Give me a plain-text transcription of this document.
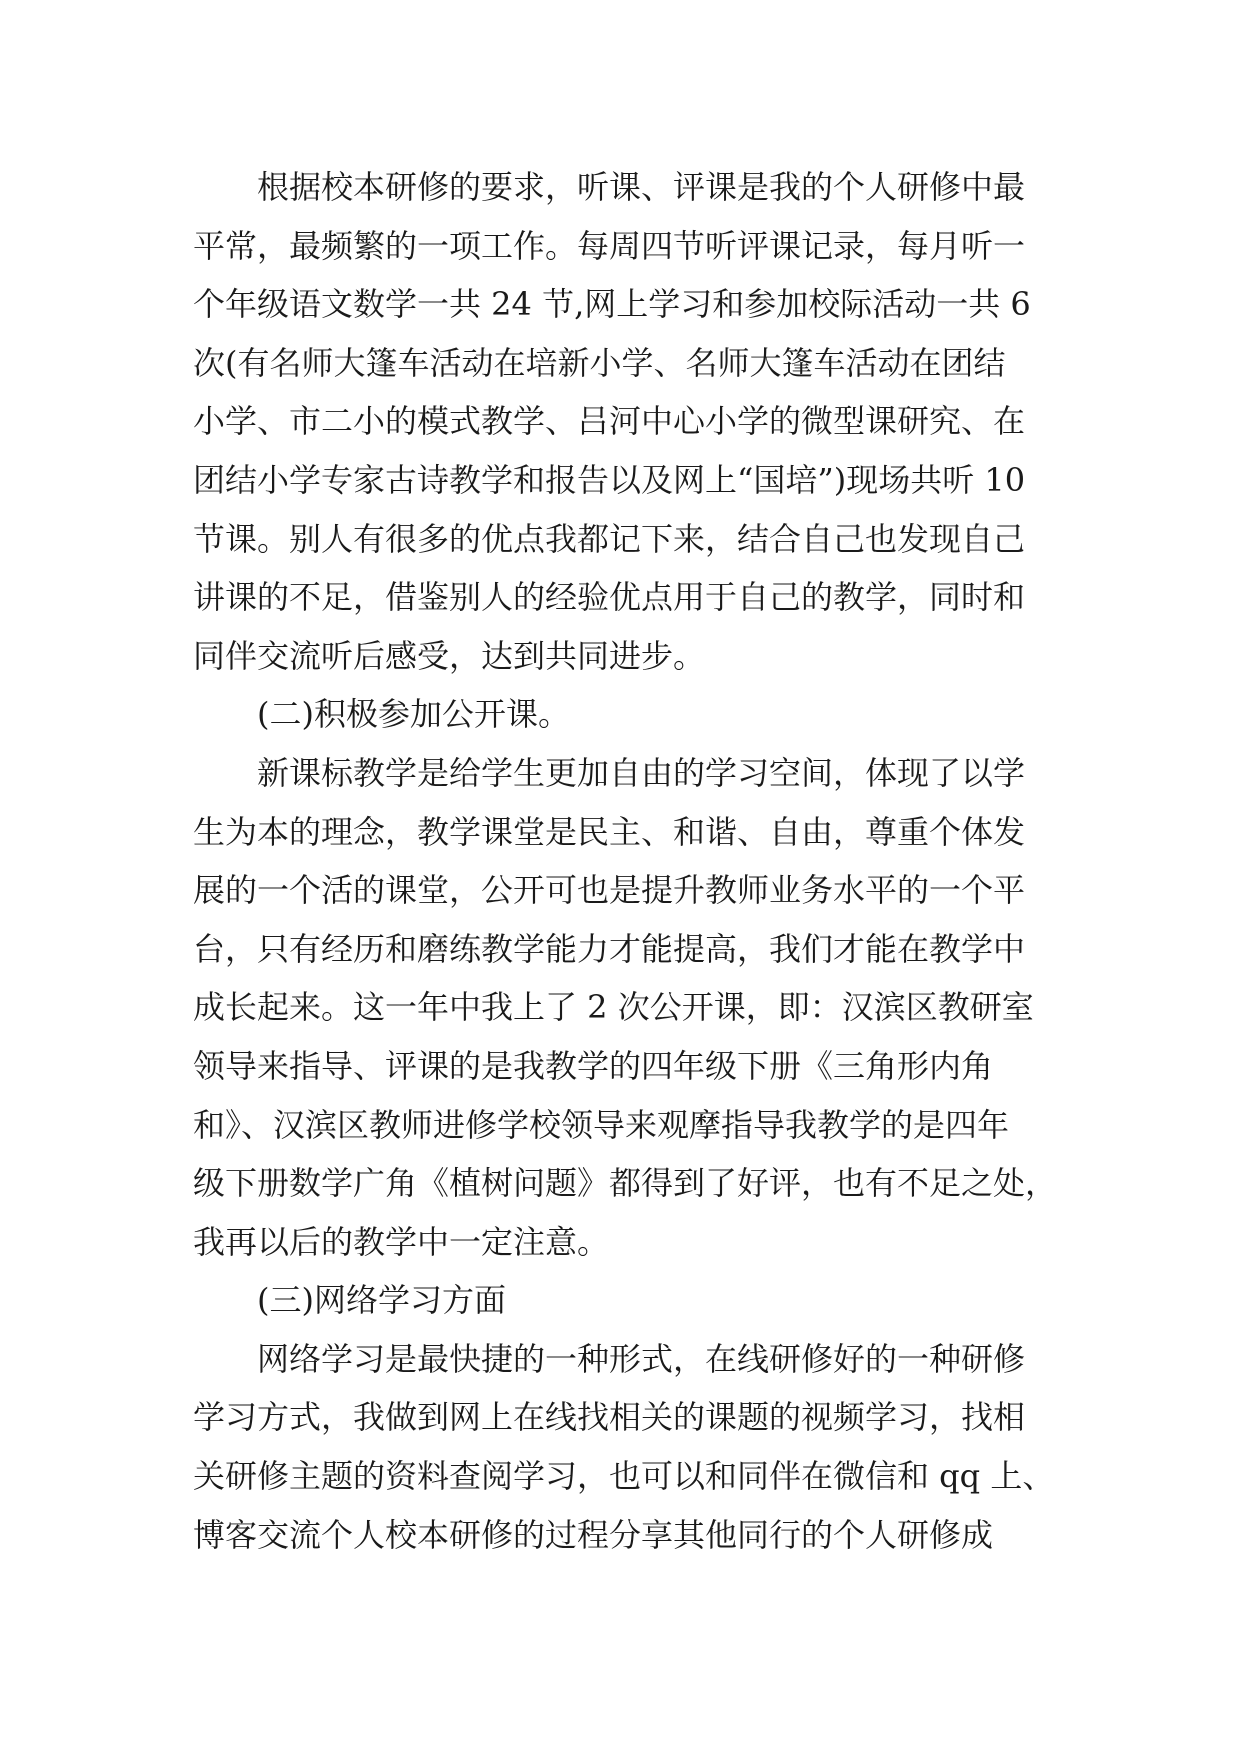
根据校本研修的要求，听课、评课是我的个人研修中最
平常，最频繁的一项工作。每周四节听评课记录，每月听一
个年级语文数学一共 24 节,网上学习和参加校际活动一共 6
次(有名师大篷车活动在培新小学、名师大篷车活动在团结
小学、市二小的模式教学、吕河中心小学的微型课研究、在
团结小学专家古诗教学和报告以及网上“国培”)现场共听 10
节课。别人有很多的优点我都记下来，结合自己也发现自己
讲课的不足，借鉴别人的经验优点用于自己的教学，同时和
同伴交流听后感受，达到共同进步。
(二)积极参加公开课。
新课标教学是给学生更加自由的学习空间，体现了以学
生为本的理念，教学课堂是民主、和谐、自由，尊重个体发
展的一个活的课堂，公开可也是提升教师业务水平的一个平
台，只有经历和磨练教学能力才能提高，我们才能在教学中
成长起来。这一年中我上了 2 次公开课，即：汉滨区教研室
领导来指导、评课的是我教学的四年级下册《三角形内角
和》、汉滨区教师进修学校领导来观摩指导我教学的是四年
级下册数学广角《植树问题》都得到了好评，也有不足之处，
我再以后的教学中一定注意。
(三)网络学习方面
网络学习是最快捷的一种形式，在线研修好的一种研修
学习方式，我做到网上在线找相关的课题的视频学习，找相
关研修主题的资料查阅学习，也可以和同伴在微信和 qq 上、
博客交流个人校本研修的过程分享其他同行的个人研修成
